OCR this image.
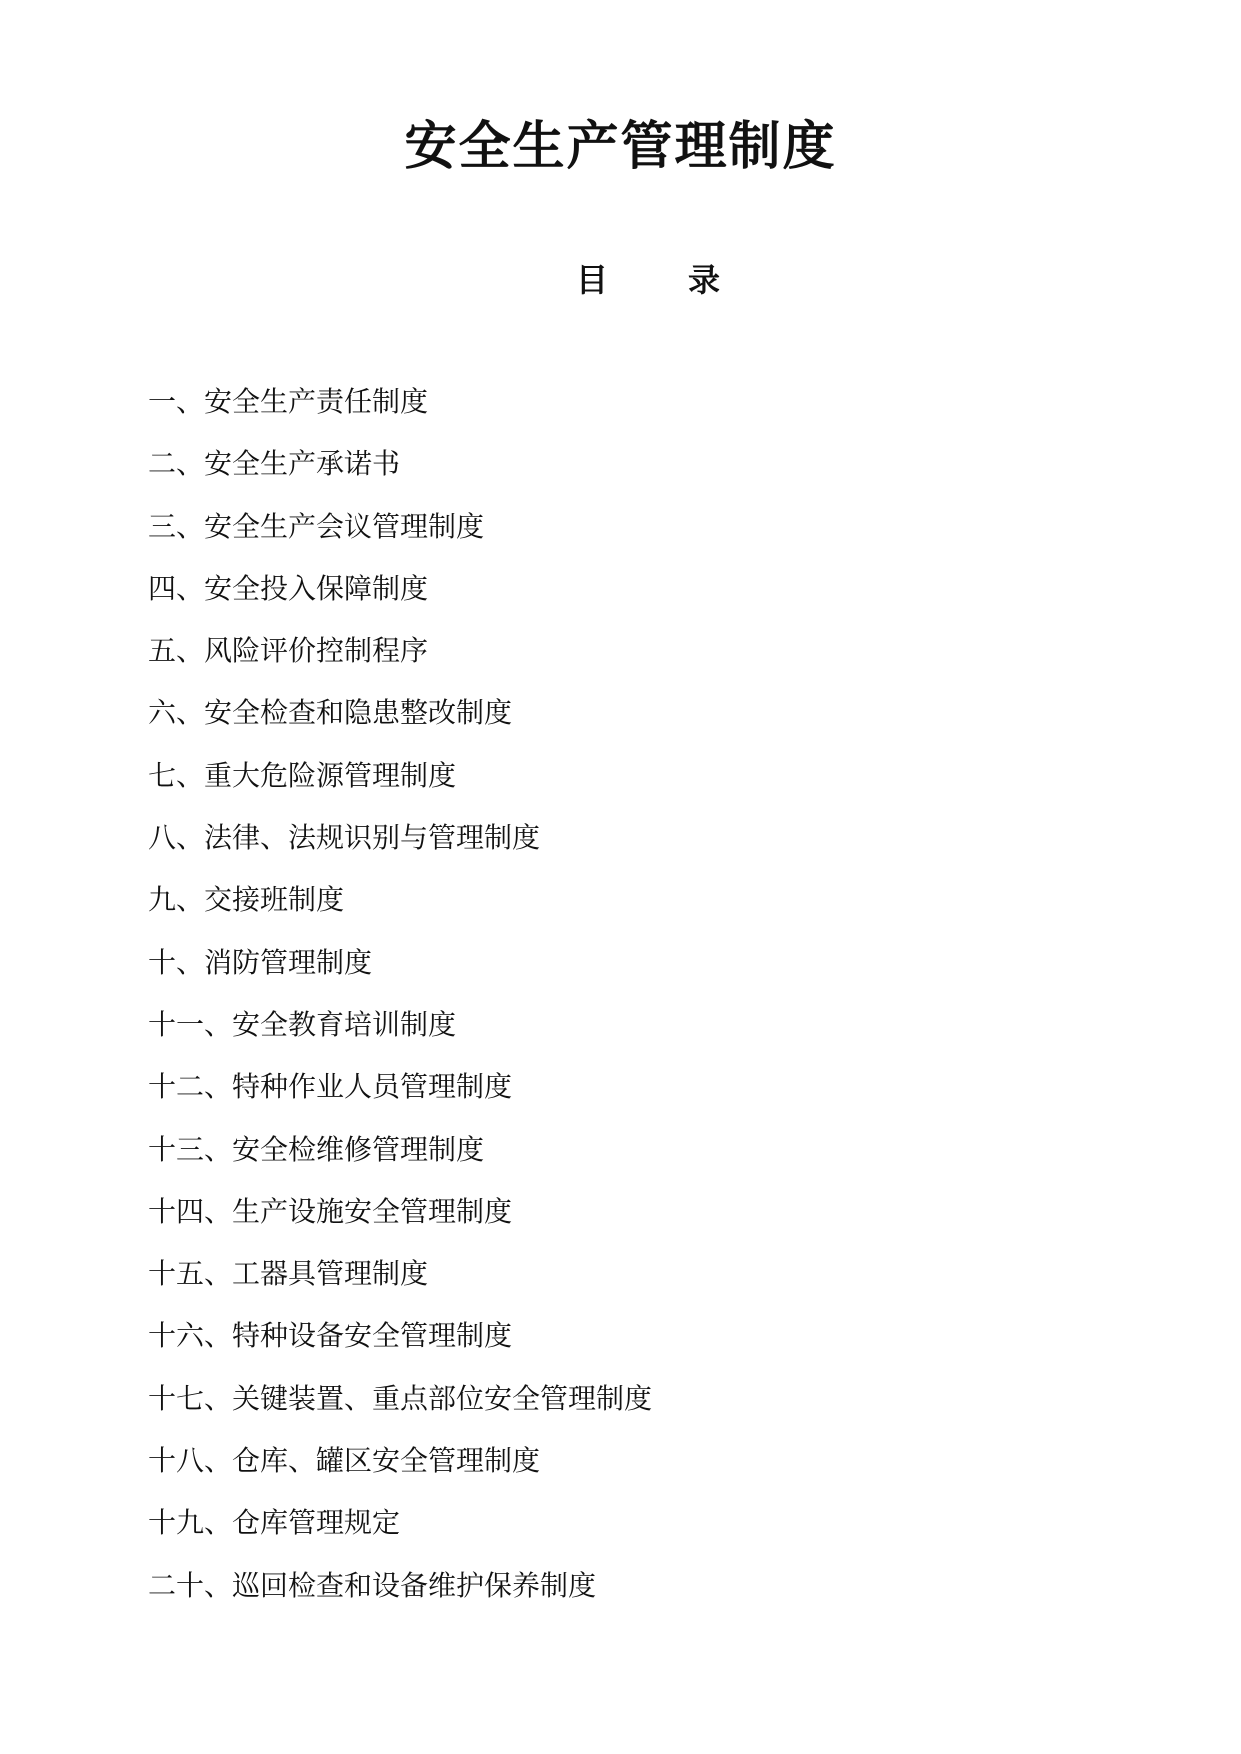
安全生产管理制度
目 录
一、安全生产责任制度
二、安全生产承诺书
三、安全生产会议管理制度
四、安全投入保障制度
五、风险评价控制程序
六、安全检查和隐患整改制度
七、重大危险源管理制度
八、法律、法规识别与管理制度
九、交接班制度
十、消防管理制度
十一、安全教育培训制度
十二、特种作业人员管理制度
十三、安全检维修管理制度
十四、生产设施安全管理制度
十五、工器具管理制度
十六、特种设备安全管理制度
十七、关键装置、重点部位安全管理制度
十八、仓库、罐区安全管理制度
十九、仓库管理规定
二十、巡回检查和设备维护保养制度
